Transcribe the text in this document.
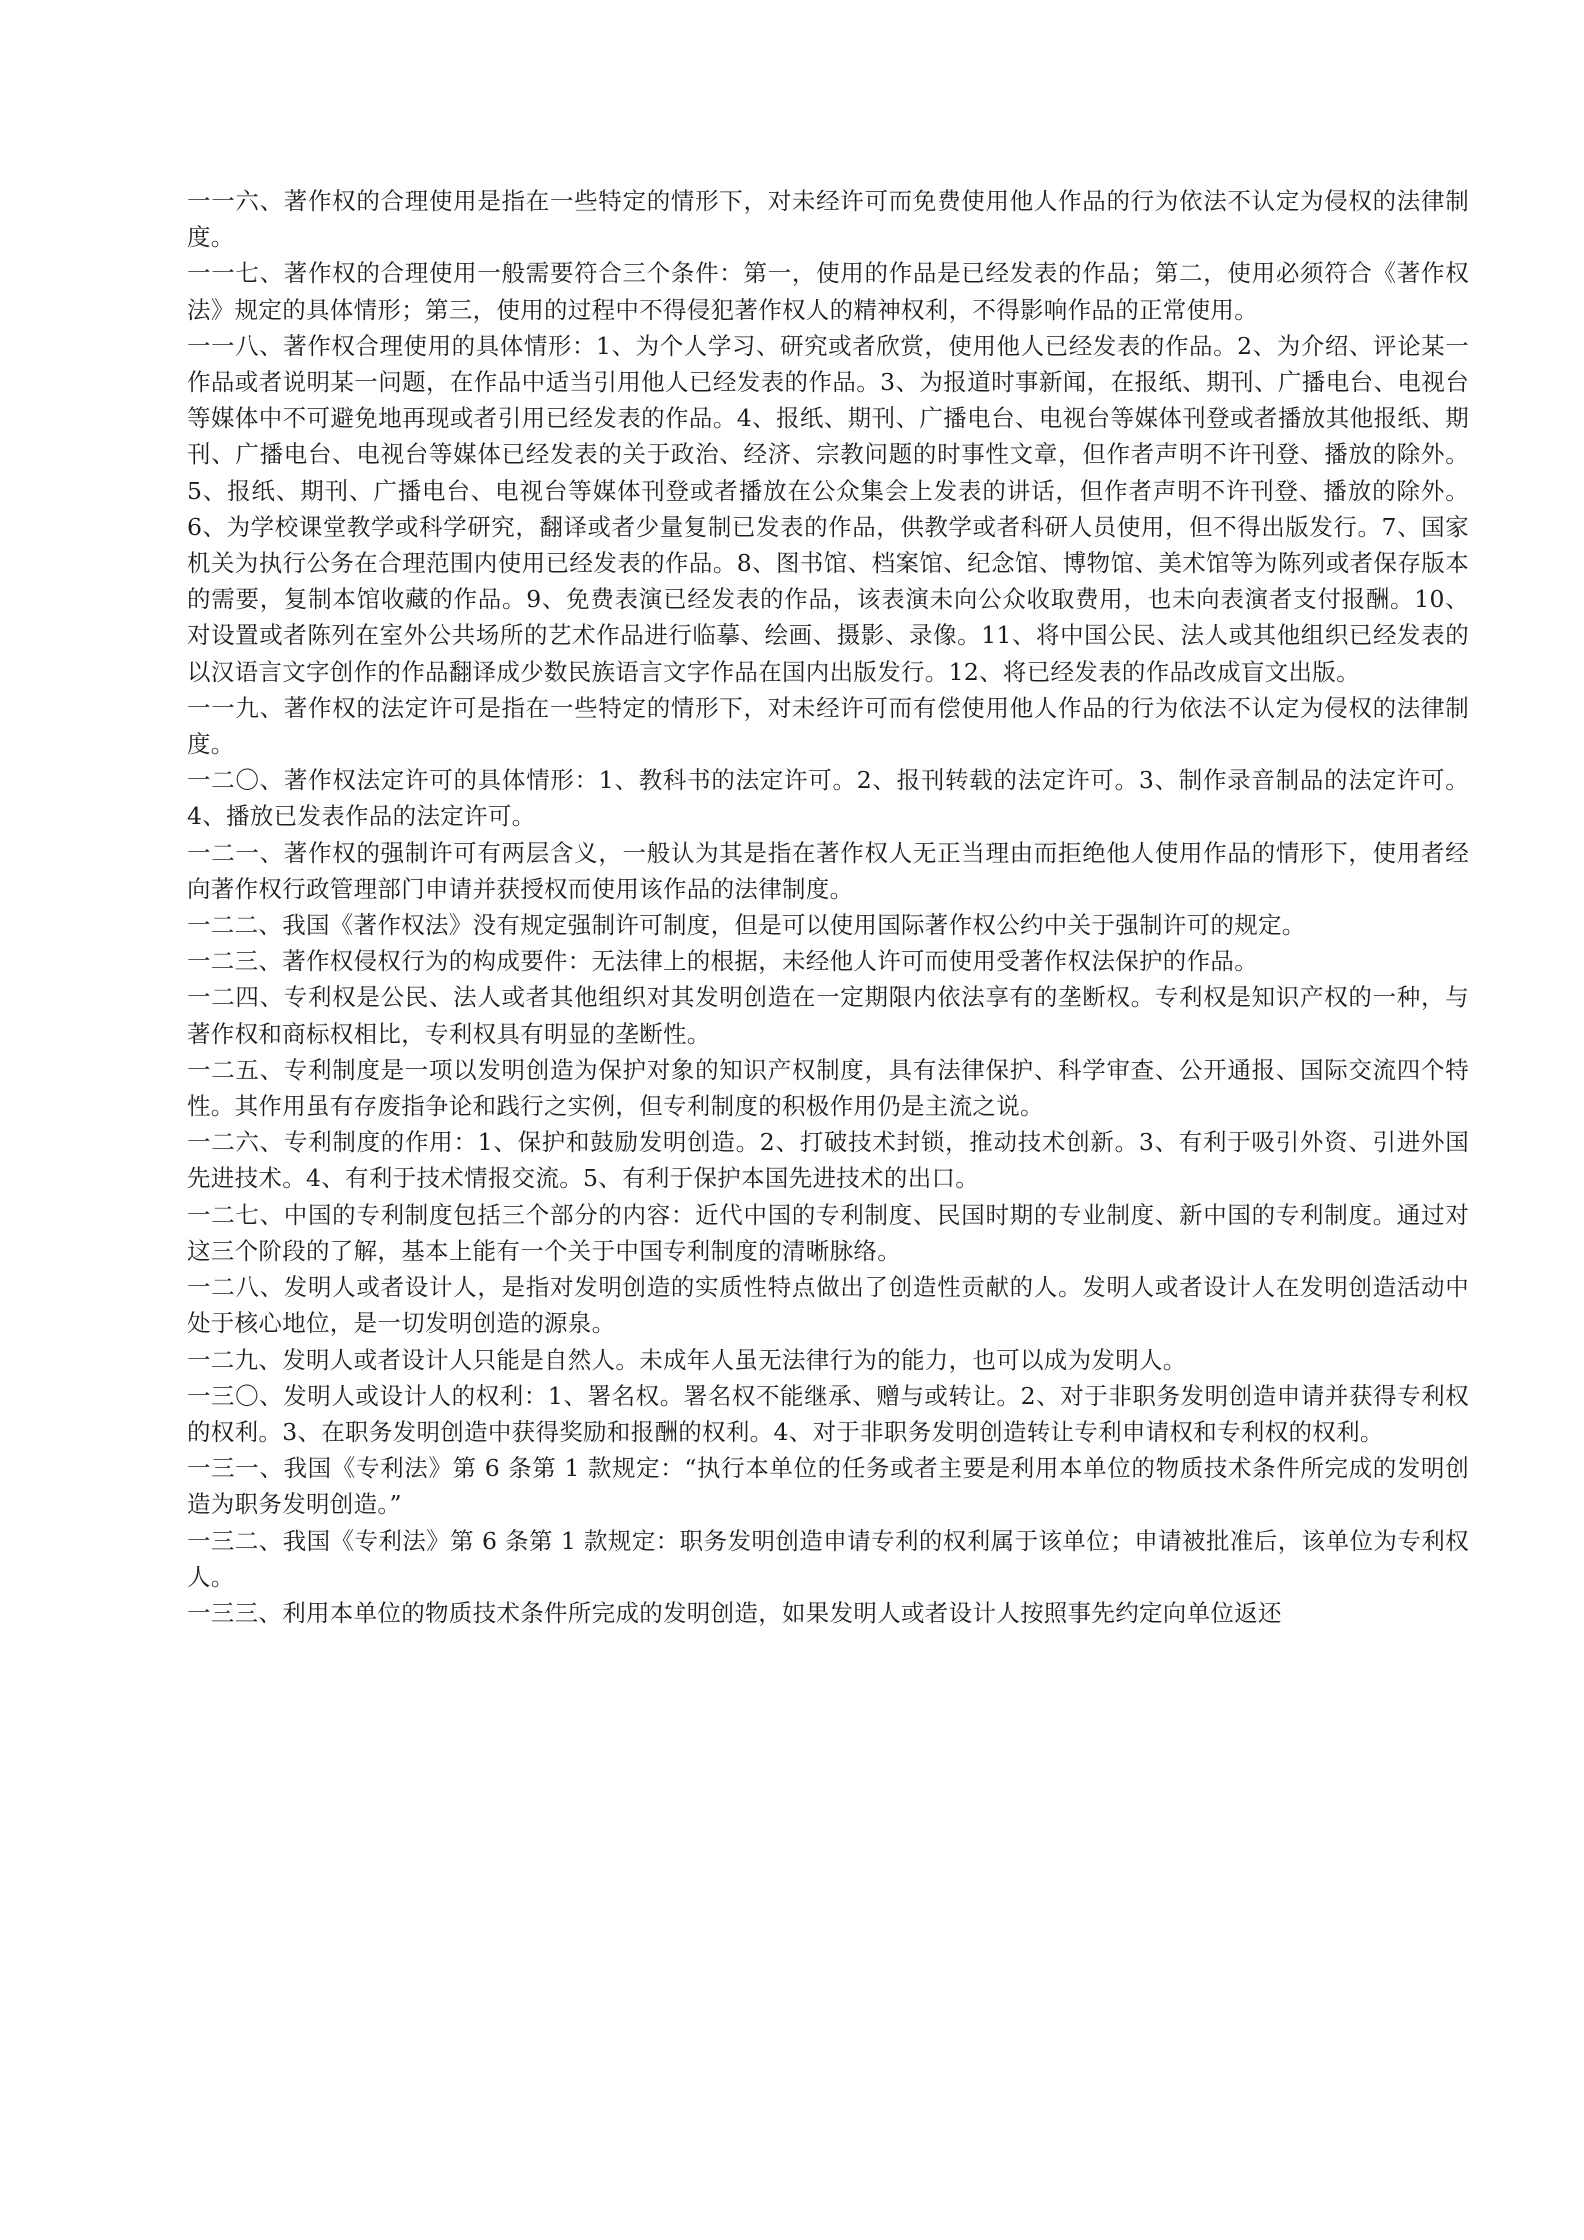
一一六、著作权的合理使用是指在一些特定的情形下，对未经许可而免费使用他人作品的行为依法不认定为侵权的法律制度。

一一七、著作权的合理使用一般需要符合三个条件：第一，使用的作品是已经发表的作品；第二，使用必须符合《著作权法》规定的具体情形；第三，使用的过程中不得侵犯著作权人的精神权利，不得影响作品的正常使用。

一一八、著作权合理使用的具体情形：1、为个人学习、研究或者欣赏，使用他人已经发表的作品。2、为介绍、评论某一作品或者说明某一问题，在作品中适当引用他人已经发表的作品。3、为报道时事新闻，在报纸、期刊、广播电台、电视台等媒体中不可避免地再现或者引用已经发表的作品。4、报纸、期刊、广播电台、电视台等媒体刊登或者播放其他报纸、期刊、广播电台、电视台等媒体已经发表的关于政治、经济、宗教问题的时事性文章，但作者声明不许刊登、播放的除外。5、报纸、期刊、广播电台、电视台等媒体刊登或者播放在公众集会上发表的讲话，但作者声明不许刊登、播放的除外。6、为学校课堂教学或科学研究，翻译或者少量复制已发表的作品，供教学或者科研人员使用，但不得出版发行。7、国家机关为执行公务在合理范围内使用已经发表的作品。8、图书馆、档案馆、纪念馆、博物馆、美术馆等为陈列或者保存版本的需要，复制本馆收藏的作品。9、免费表演已经发表的作品，该表演未向公众收取费用，也未向表演者支付报酬。10、对设置或者陈列在室外公共场所的艺术作品进行临摹、绘画、摄影、录像。11、将中国公民、法人或其他组织已经发表的以汉语言文字创作的作品翻译成少数民族语言文字作品在国内出版发行。12、将已经发表的作品改成盲文出版。

一一九、著作权的法定许可是指在一些特定的情形下，对未经许可而有偿使用他人作品的行为依法不认定为侵权的法律制度。

一二〇、著作权法定许可的具体情形：1、教科书的法定许可。2、报刊转载的法定许可。3、制作录音制品的法定许可。4、播放已发表作品的法定许可。

一二一、著作权的强制许可有两层含义，一般认为其是指在著作权人无正当理由而拒绝他人使用作品的情形下，使用者经向著作权行政管理部门申请并获授权而使用该作品的法律制度。

一二二、我国《著作权法》没有规定强制许可制度，但是可以使用国际著作权公约中关于强制许可的规定。

一二三、著作权侵权行为的构成要件：无法律上的根据，未经他人许可而使用受著作权法保护的作品。

一二四、专利权是公民、法人或者其他组织对其发明创造在一定期限内依法享有的垄断权。专利权是知识产权的一种，与著作权和商标权相比，专利权具有明显的垄断性。

一二五、专利制度是一项以发明创造为保护对象的知识产权制度，具有法律保护、科学审查、公开通报、国际交流四个特性。其作用虽有存废指争论和践行之实例，但专利制度的积极作用仍是主流之说。

一二六、专利制度的作用：1、保护和鼓励发明创造。2、打破技术封锁，推动技术创新。3、有利于吸引外资、引进外国先进技术。4、有利于技术情报交流。5、有利于保护本国先进技术的出口。

一二七、中国的专利制度包括三个部分的内容：近代中国的专利制度、民国时期的专业制度、新中国的专利制度。通过对这三个阶段的了解，基本上能有一个关于中国专利制度的清晰脉络。

一二八、发明人或者设计人，是指对发明创造的实质性特点做出了创造性贡献的人。发明人或者设计人在发明创造活动中处于核心地位，是一切发明创造的源泉。

一二九、发明人或者设计人只能是自然人。未成年人虽无法律行为的能力，也可以成为发明人。

一三〇、发明人或设计人的权利：1、署名权。署名权不能继承、赠与或转让。2、对于非职务发明创造申请并获得专利权的权利。3、在职务发明创造中获得奖励和报酬的权利。4、对于非职务发明创造转让专利申请权和专利权的权利。

一三一、我国《专利法》第 6 条第 1 款规定：“执行本单位的任务或者主要是利用本单位的物质技术条件所完成的发明创造为职务发明创造。”

一三二、我国《专利法》第 6 条第 1 款规定：职务发明创造申请专利的权利属于该单位；申请被批准后，该单位为专利权人。

一三三、利用本单位的物质技术条件所完成的发明创造，如果发明人或者设计人按照事先约定向单位返还
